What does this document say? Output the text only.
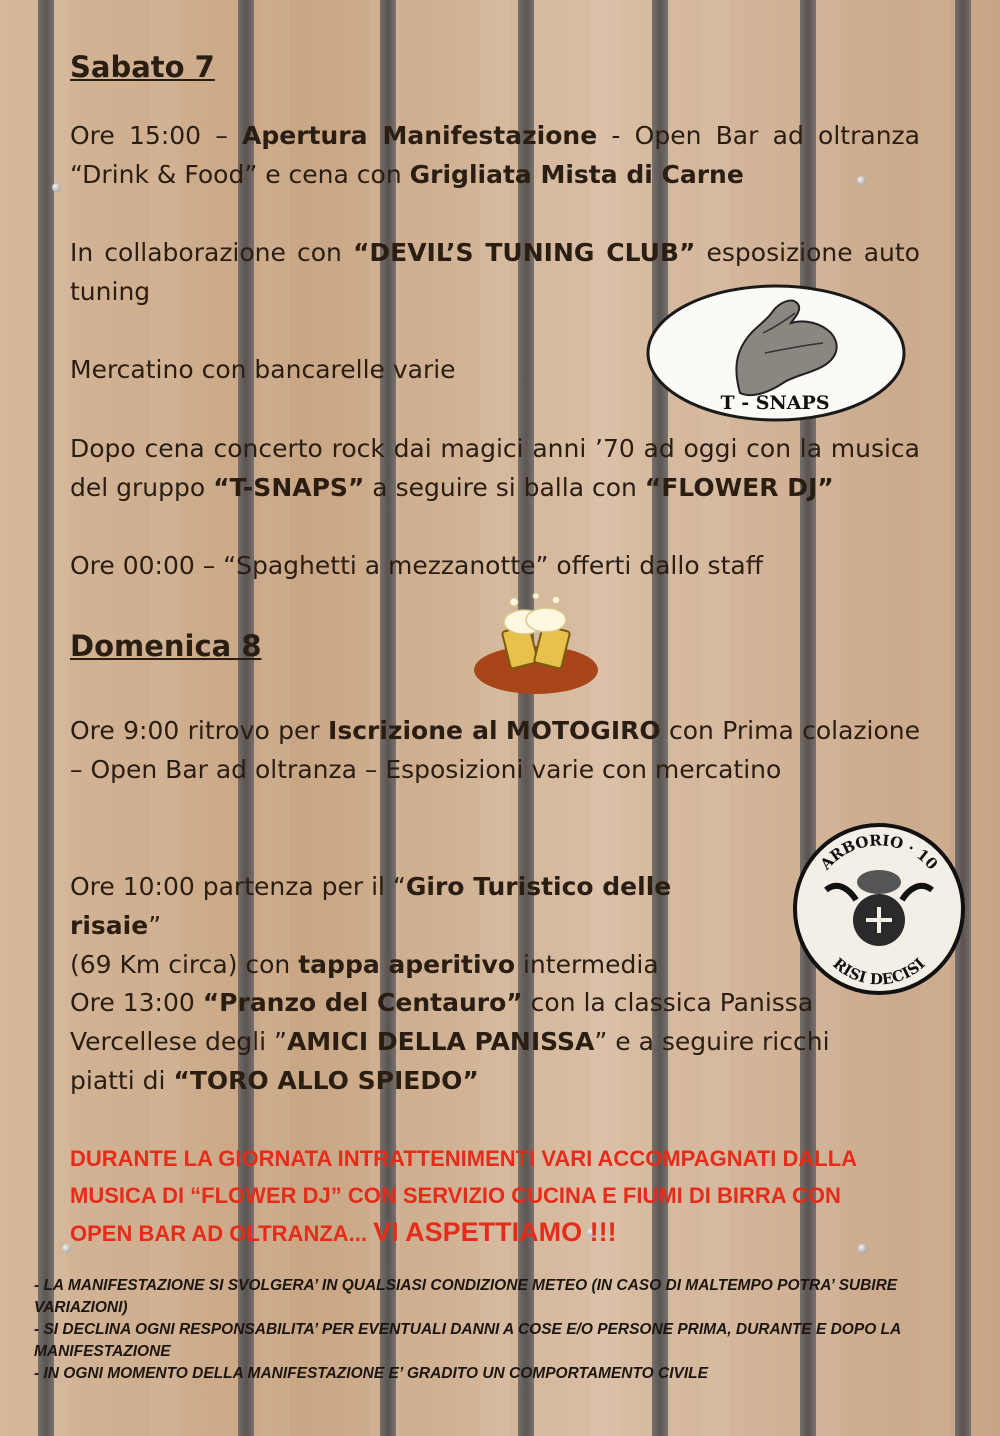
Sabato 7
Ore 15:00 – Apertura Manifestazione - Open Bar ad oltranza “Drink & Food” e cena con Grigliata Mista di Carne
In collaborazione con “DEVIL’S TUNING CLUB” esposizione auto tuning
Mercatino con bancarelle varie
Dopo cena concerto rock dai magici anni ’70 ad oggi con la musica del gruppo “T-SNAPS” a seguire si balla con “FLOWER DJ”
Ore 00:00 – “Spaghetti a mezzanotte” offerti dallo staff
T - SNAPS
Domenica 8
Ore 9:00 ritrovo per Iscrizione al MOTOGIRO con Prima colazione – Open Bar ad oltranza – Esposizioni varie con mercatino
Ore 10:00 partenza per il “Giro Turistico delle risaie”
(69 Km circa) con tappa aperitivo intermedia
ARBORIO · 10
RISI DECISI
Ore 13:00 “Pranzo del Centauro” con la classica Panissa
Vercellese degli ”AMICI DELLA PANISSA” e a seguire ricchi
piatti di “TORO ALLO SPIEDO”
DURANTE LA GIORNATA INTRATTENIMENTI VARI ACCOMPAGNATI DALLA
MUSICA DI “FLOWER DJ” CON SERVIZIO CUCINA E FIUMI DI BIRRA CON
OPEN BAR AD OLTRANZA... VI ASPETTIAMO !!!
- LA MANIFESTAZIONE SI SVOLGERA’ IN QUALSIASI CONDIZIONE METEO (IN CASO DI MALTEMPO POTRA’ SUBIRE VARIAZIONI)
- SI DECLINA OGNI RESPONSABILITA’ PER EVENTUALI DANNI A COSE E/O PERSONE PRIMA, DURANTE E DOPO LA MANIFESTAZIONE
- IN OGNI MOMENTO DELLA MANIFESTAZIONE E’ GRADITO UN COMPORTAMENTO CIVILE
